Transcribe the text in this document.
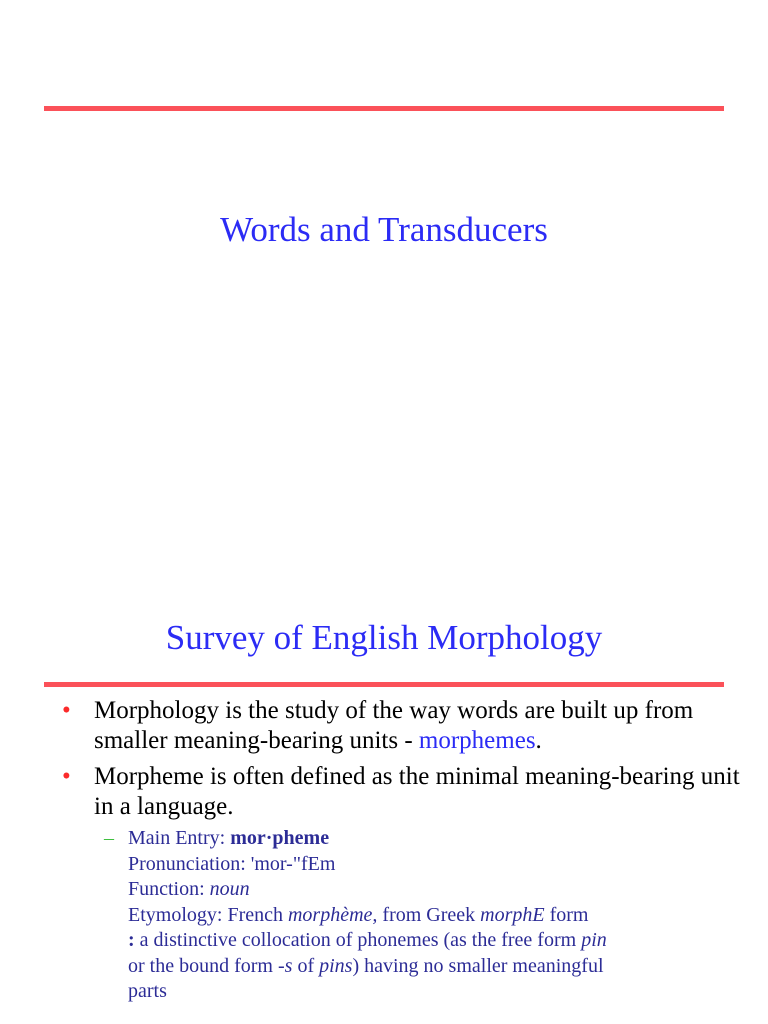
Words and Transducers
Survey of English Morphology
• Morphology is the study of the way words are built up from smaller meaning-bearing units - morphemes.
• Morpheme is often defined as the minimal meaning-bearing unit in a language.
– Main Entry: mor·pheme
Pronunciation: 'mor-"fEm
Function: noun
Etymology: French morphème, from Greek morphE form
: a distinctive collocation of phonemes (as the free form pin
or the bound form -s of pins) having no smaller meaningful
parts
